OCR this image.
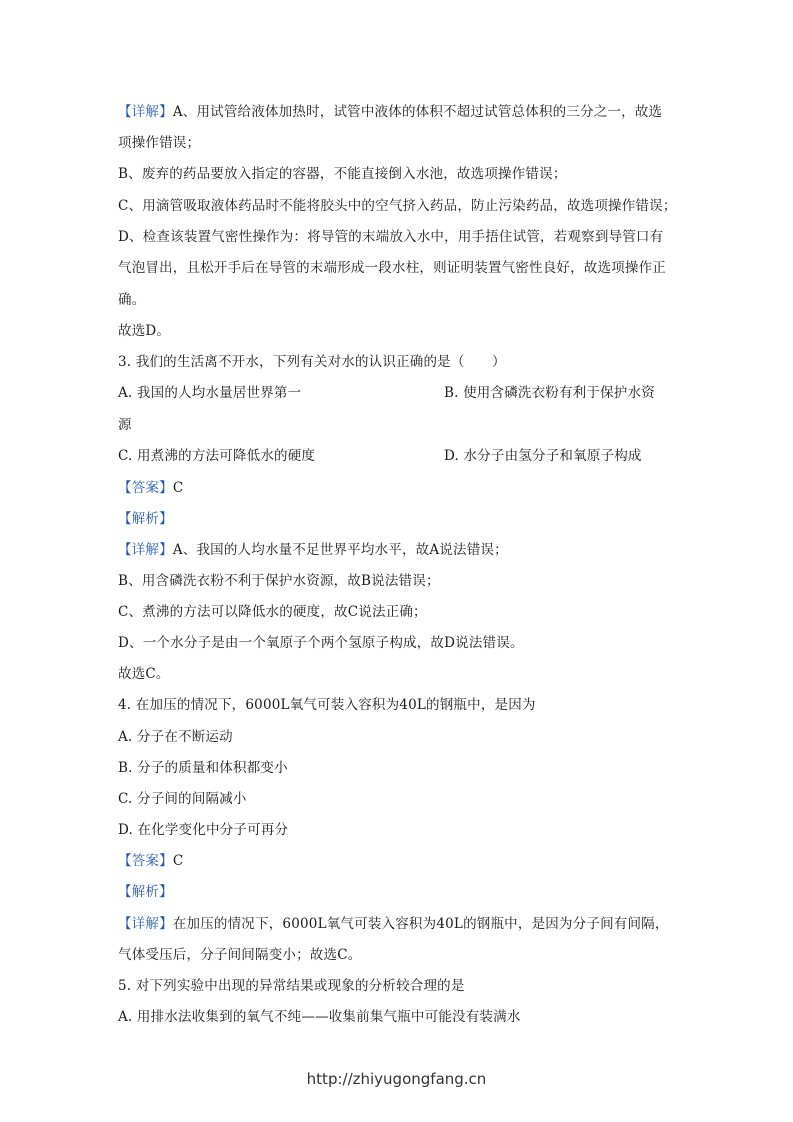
【详解】A、用试管给液体加热时，试管中液体的体积不超过试管总体积的三分之一，故选
项操作错误；
B、废弃的药品要放入指定的容器，不能直接倒入水池，故选项操作错误；
C、用滴管吸取液体药品时不能将胶头中的空气挤入药品，防止污染药品，故选项操作错误；
D、检查该装置气密性操作为：将导管的末端放入水中，用手捂住试管，若观察到导管口有
气泡冒出，且松开手后在导管的末端形成一段水柱，则证明装置气密性良好，故选项操作正
确。
故选D。
3. 我们的生活离不开水，下列有关对水的认识正确的是（　　）
A. 我国的人均水量居世界第一	B. 使用含磷洗衣粉有利于保护水资
源
C. 用煮沸的方法可降低水的硬度	D. 水分子由氢分子和氧原子构成
【答案】C
【解析】
【详解】A、我国的人均水量不足世界平均水平，故A说法错误；
B、用含磷洗衣粉不利于保护水资源，故B说法错误；
C、煮沸的方法可以降低水的硬度，故C说法正确；
D、一个水分子是由一个氧原子个两个氢原子构成，故D说法错误。
故选C。
4. 在加压的情况下，6000L氧气可装入容积为40L的钢瓶中，是因为
A. 分子在不断运动
B. 分子的质量和体积都变小
C. 分子间的间隔减小
D. 在化学变化中分子可再分
【答案】C
【解析】
【详解】在加压的情况下，6000L氧气可装入容积为40L的钢瓶中，是因为分子间有间隔，
气体受压后，分子间间隔变小；故选C。
5. 对下列实验中出现的异常结果或现象的分析较合理的是
A. 用排水法收集到的氧气不纯——收集前集气瓶中可能没有装满水
http://zhiyugongfang.cn
